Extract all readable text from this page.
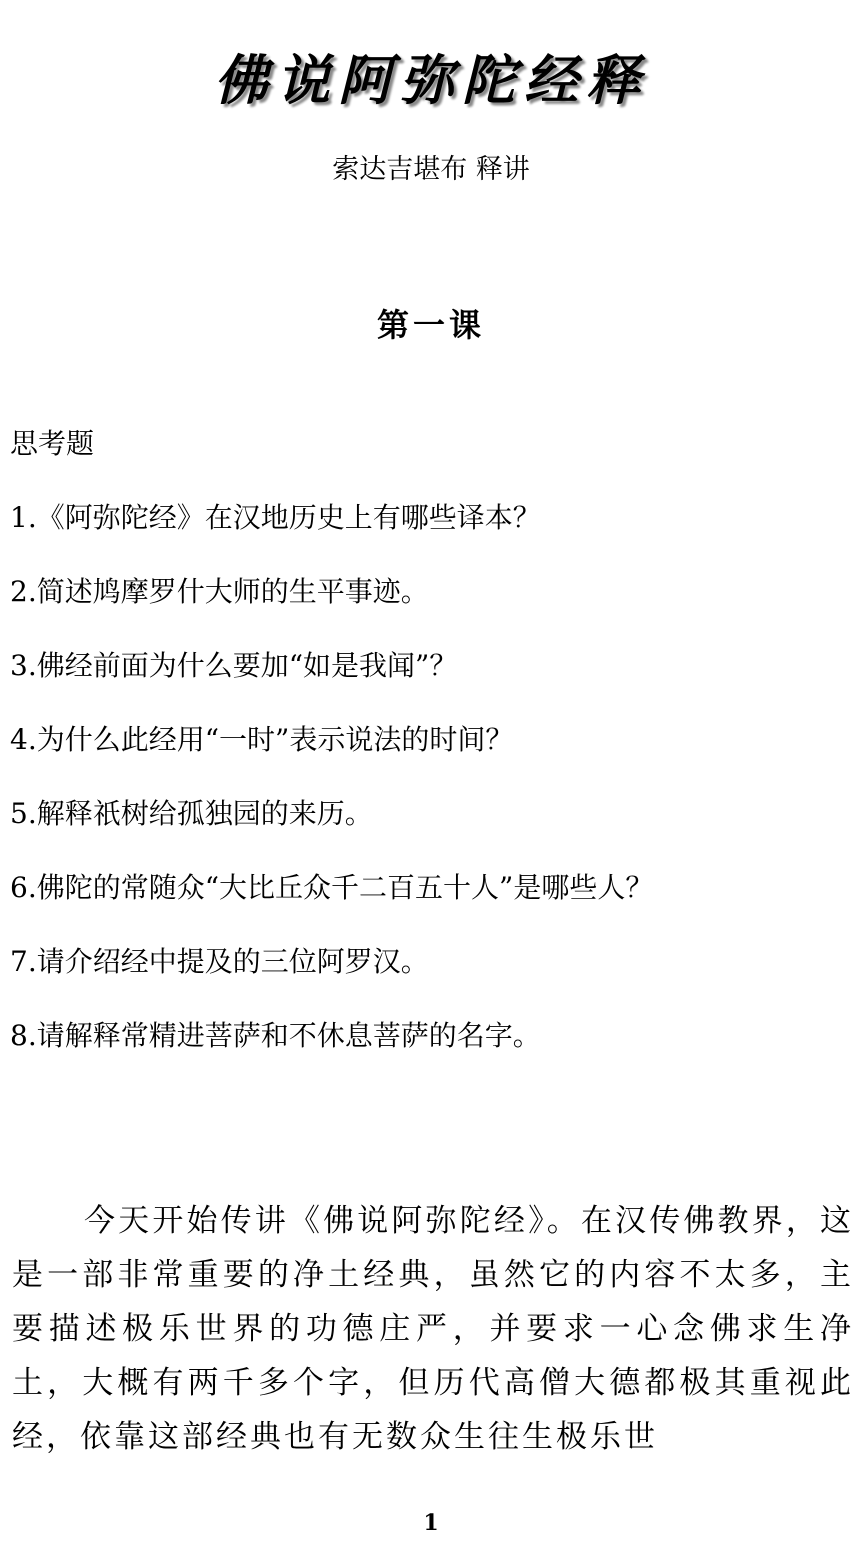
佛说阿弥陀经释
索达吉堪布 释讲
第一课
思考题
1.《阿弥陀经》在汉地历史上有哪些译本？
2.简述鸠摩罗什大师的生平事迹。
3.佛经前面为什么要加“如是我闻”？
4.为什么此经用“一时”表示说法的时间？
5.解释祇树给孤独园的来历。
6.佛陀的常随众“大比丘众千二百五十人”是哪些人？
7.请介绍经中提及的三位阿罗汉。
8.请解释常精进菩萨和不休息菩萨的名字。

今天开始传讲《佛说阿弥陀经》。在汉传佛教界，这是一部非常重要的净土经典，虽然它的内容不太多，主要描述极乐世界的功德庄严，并要求一心念佛求生净土，大概有两千多个字，但历代高僧大德都极其重视此经，依靠这部经典也有无数众生往生极乐世

1
